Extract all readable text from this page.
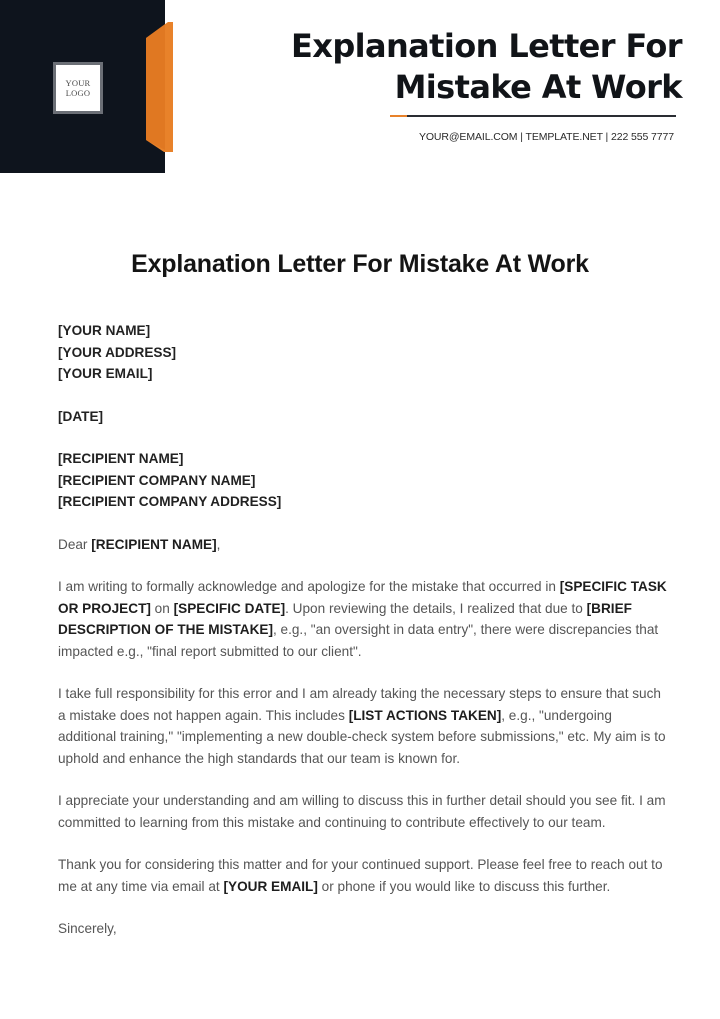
YOUR
LOGO
Explanation Letter For
Mistake At Work
YOUR@EMAIL.COM | TEMPLATE.NET | 222 555 7777
Explanation Letter For Mistake At Work

[YOUR NAME]

[YOUR ADDRESS]

[YOUR EMAIL]

[DATE]

[RECIPIENT NAME]

[RECIPIENT COMPANY NAME]

[RECIPIENT COMPANY ADDRESS]

Dear [RECIPIENT NAME],

I am writing to formally acknowledge and apologize for the mistake that occurred in [SPECIFIC TASK OR PROJECT] on [SPECIFIC DATE]. Upon reviewing the details, I realized that due to [BRIEF DESCRIPTION OF THE MISTAKE], e.g., "an oversight in data entry", there were discrepancies that impacted e.g., "final report submitted to our client".

I take full responsibility for this error and I am already taking the necessary steps to ensure that such a mistake does not happen again. This includes [LIST ACTIONS TAKEN], e.g., "undergoing additional training," "implementing a new double-check system before submissions," etc. My aim is to uphold and enhance the high standards that our team is known for.

I appreciate your understanding and am willing to discuss this in further detail should you see fit. I am committed to learning from this mistake and continuing to contribute effectively to our team.

Thank you for considering this matter and for your continued support. Please feel free to reach out to me at any time via email at [YOUR EMAIL] or phone if you would like to discuss this further.

Sincerely,
